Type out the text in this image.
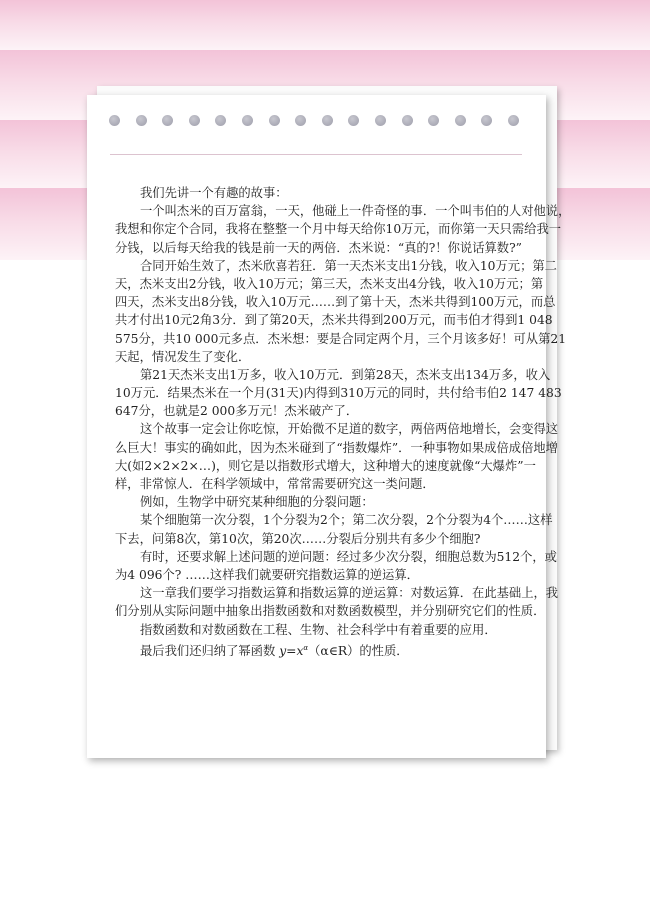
我们先讲一个有趣的故事：
一个叫杰米的百万富翁，一天，他碰上一件奇怪的事．一个叫韦伯的人对他说，
我想和你定个合同，我将在整整一个月中每天给你10万元，而你第一天只需给我一
分钱，以后每天给我的钱是前一天的两倍．杰米说：“真的?！你说话算数?”
合同开始生效了，杰米欣喜若狂．第一天杰米支出1分钱，收入10万元；第二
天，杰米支出2分钱，收入10万元；第三天，杰米支出4分钱，收入10万元；第
四天，杰米支出8分钱，收入10万元……到了第十天，杰米共得到100万元，而总
共才付出10元2角3分．到了第20天，杰米共得到200万元，而韦伯才得到1 048
575分，共10 000元多点．杰米想：要是合同定两个月，三个月该多好！可从第21
天起，情况发生了变化．
第21天杰米支出1万多，收入10万元．到第28天，杰米支出134万多，收入
10万元．结果杰米在一个月(31天)内得到310万元的同时，共付给韦伯2 147 483
647分，也就是2 000多万元！杰米破产了．
这个故事一定会让你吃惊，开始微不足道的数字，两倍两倍地增长，会变得这
么巨大！事实的确如此，因为杰米碰到了“指数爆炸”．一种事物如果成倍成倍地增
大(如2×2×2×…)，则它是以指数形式增大，这种增大的速度就像“大爆炸”一
样，非常惊人．在科学领域中，常常需要研究这一类问题．
例如，生物学中研究某种细胞的分裂问题：
某个细胞第一次分裂，1个分裂为2个；第二次分裂，2个分裂为4个……这样
下去，问第8次，第10次，第20次……分裂后分别共有多少个细胞?
有时，还要求解上述问题的逆问题：经过多少次分裂，细胞总数为512个，或
为4 096个? ……这样我们就要研究指数运算的逆运算．
这一章我们要学习指数运算和指数运算的逆运算：对数运算．在此基础上，我
们分别从实际问题中抽象出指数函数和对数函数模型，并分别研究它们的性质．
指数函数和对数函数在工程、生物、社会科学中有着重要的应用．
最后我们还归纳了幂函数 $y=x^\alpha(\alpha\in R)$的性质．
